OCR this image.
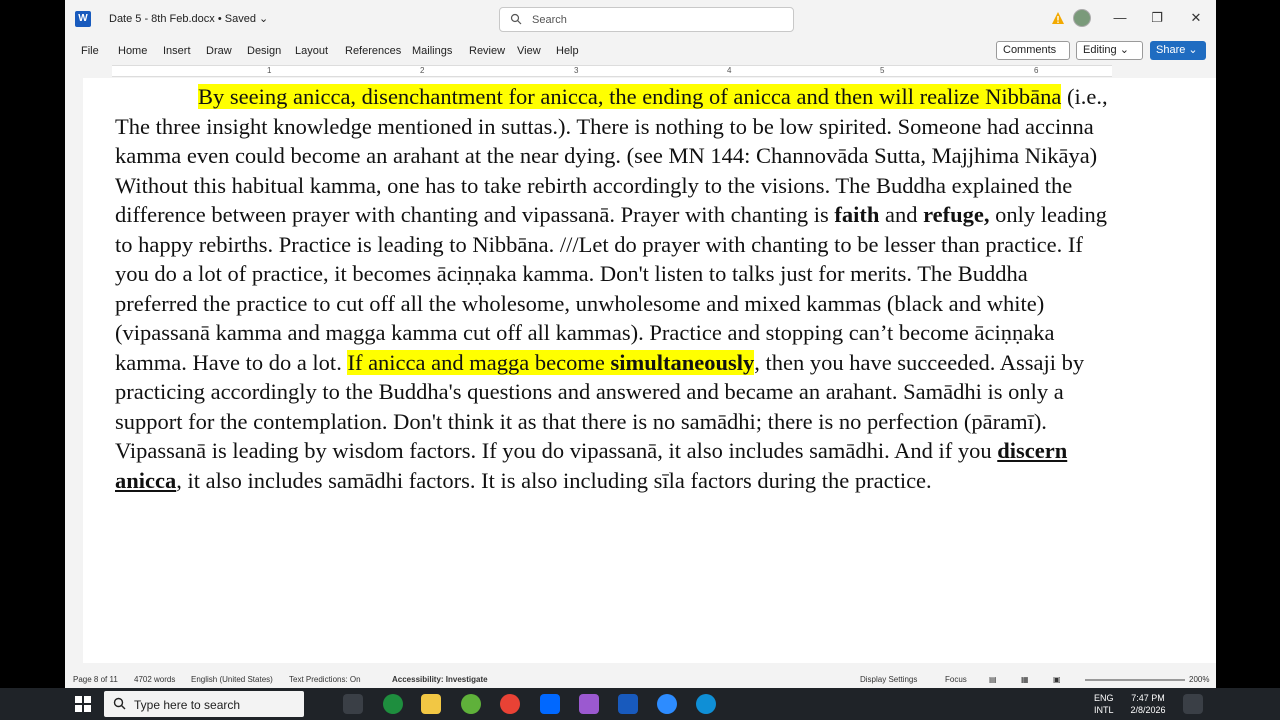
W Date 5 - 8th Feb.docx • Saved ⌄	Search	—	❐	✕
File Home Insert Draw Design Layout References Mailings Review View Help	Comments	Editing ⌄	Share ⌄
1	2	3	4	5	6
By seeing anicca, disenchantment for anicca, the ending of anicca and then will realize Nibbāna (i.e., The three insight knowledge mentioned in suttas.). There is nothing to be low spirited. Someone had accinna kamma even could become an arahant at the near dying. (see MN 144: Channovāda Sutta, Majjhima Nikāya) Without this habitual kamma, one has to take rebirth accordingly to the visions. The Buddha explained the difference between prayer with chanting and vipassanā. Prayer with chanting is faith and refuge, only leading to happy rebirths. Practice is leading to Nibbāna. ///Let do prayer with chanting to be lesser than practice. If you do a lot of practice, it becomes āciṇṇaka kamma. Don't listen to talks just for merits. The Buddha preferred the practice to cut off all the wholesome, unwholesome and mixed kammas (black and white) (vipassanā kamma and magga kamma cut off all kammas). Practice and stopping can’t become āciṇṇaka kamma. Have to do a lot. If anicca and magga become simultaneously, then you have succeeded. Assaji by practicing accordingly to the Buddha's questions and answered and became an arahant. Samādhi is only a support for the contemplation. Don't think it as that there is no samādhi; there is no perfection (pāramī). Vipassanā is leading by wisdom factors. If you do vipassanā, it also includes samādhi. And if you discern anicca, it also includes samādhi factors. It is also including sīla factors during the practice.
Page 8 of 11 4702 words English (United States) Text Predictions: On	Accessibility: Investigate	Display Settings	Focus	▤	▦	▣	200%
Type here to search	ENG
INTL
7:47 PM
2/8/2026
